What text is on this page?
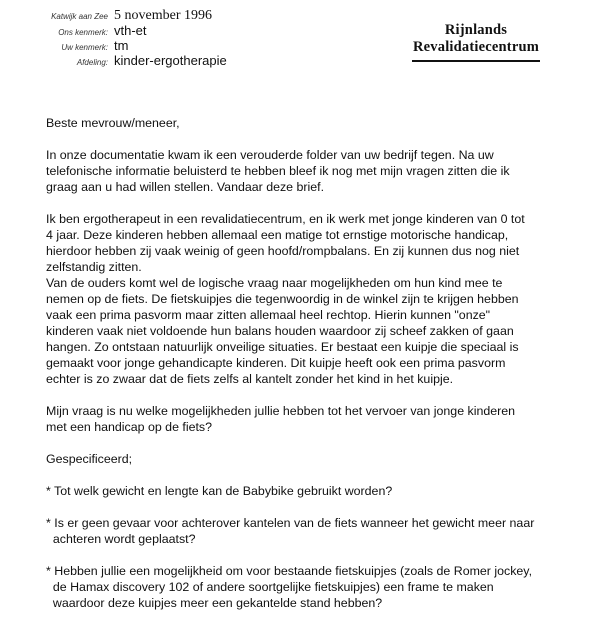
Katwijk aan Zee 5 november 1996
Ons kenmerk: vth-et
Uw kenmerk: tm
Afdeling: kinder-ergotherapie
Rijnlands
Revalidatiecentrum

Beste mevrouw/meneer,

In onze documentatie kwam ik een verouderde folder van uw bedrijf tegen. Na uw
telefonische informatie beluisterd te hebben bleef ik nog met mijn vragen zitten die ik
graag aan u had willen stellen. Vandaar deze brief.

Ik ben ergotherapeut in een revalidatiecentrum, en ik werk met jonge kinderen van 0 tot
4 jaar. Deze kinderen hebben allemaal een matige tot ernstige motorische handicap,
hierdoor hebben zij vaak weinig of geen hoofd/rompbalans. En zij kunnen dus nog niet
zelfstandig zitten.

Van de ouders komt wel de logische vraag naar mogelijkheden om hun kind mee te
nemen op de fiets. De fietskuipjes die tegenwoordig in de winkel zijn te krijgen hebben
vaak een prima pasvorm maar zitten allemaal heel rechtop. Hierin kunnen "onze"
kinderen vaak niet voldoende hun balans houden waardoor zij scheef zakken of gaan
hangen. Zo ontstaan natuurlijk onveilige situaties. Er bestaat een kuipje die speciaal is
gemaakt voor jonge gehandicapte kinderen. Dit kuipje heeft ook een prima pasvorm
echter is zo zwaar dat de fiets zelfs al kantelt zonder het kind in het kuipje.

Mijn vraag is nu welke mogelijkheden jullie hebben tot het vervoer van jonge kinderen
met een handicap op de fiets?

Gespecificeerd;

* Tot welk gewicht en lengte kan de Babybike gebruikt worden?

* Is er geen gevaar voor achterover kantelen van de fiets wanneer het gewicht meer naar
achteren wordt geplaatst?

* Hebben jullie een mogelijkheid om voor bestaande fietskuipjes (zoals de Romer jockey,
de Hamax discovery 102 of andere soortgelijke fietskuipjes) een frame te maken
waardoor deze kuipjes meer een gekantelde stand hebben?
